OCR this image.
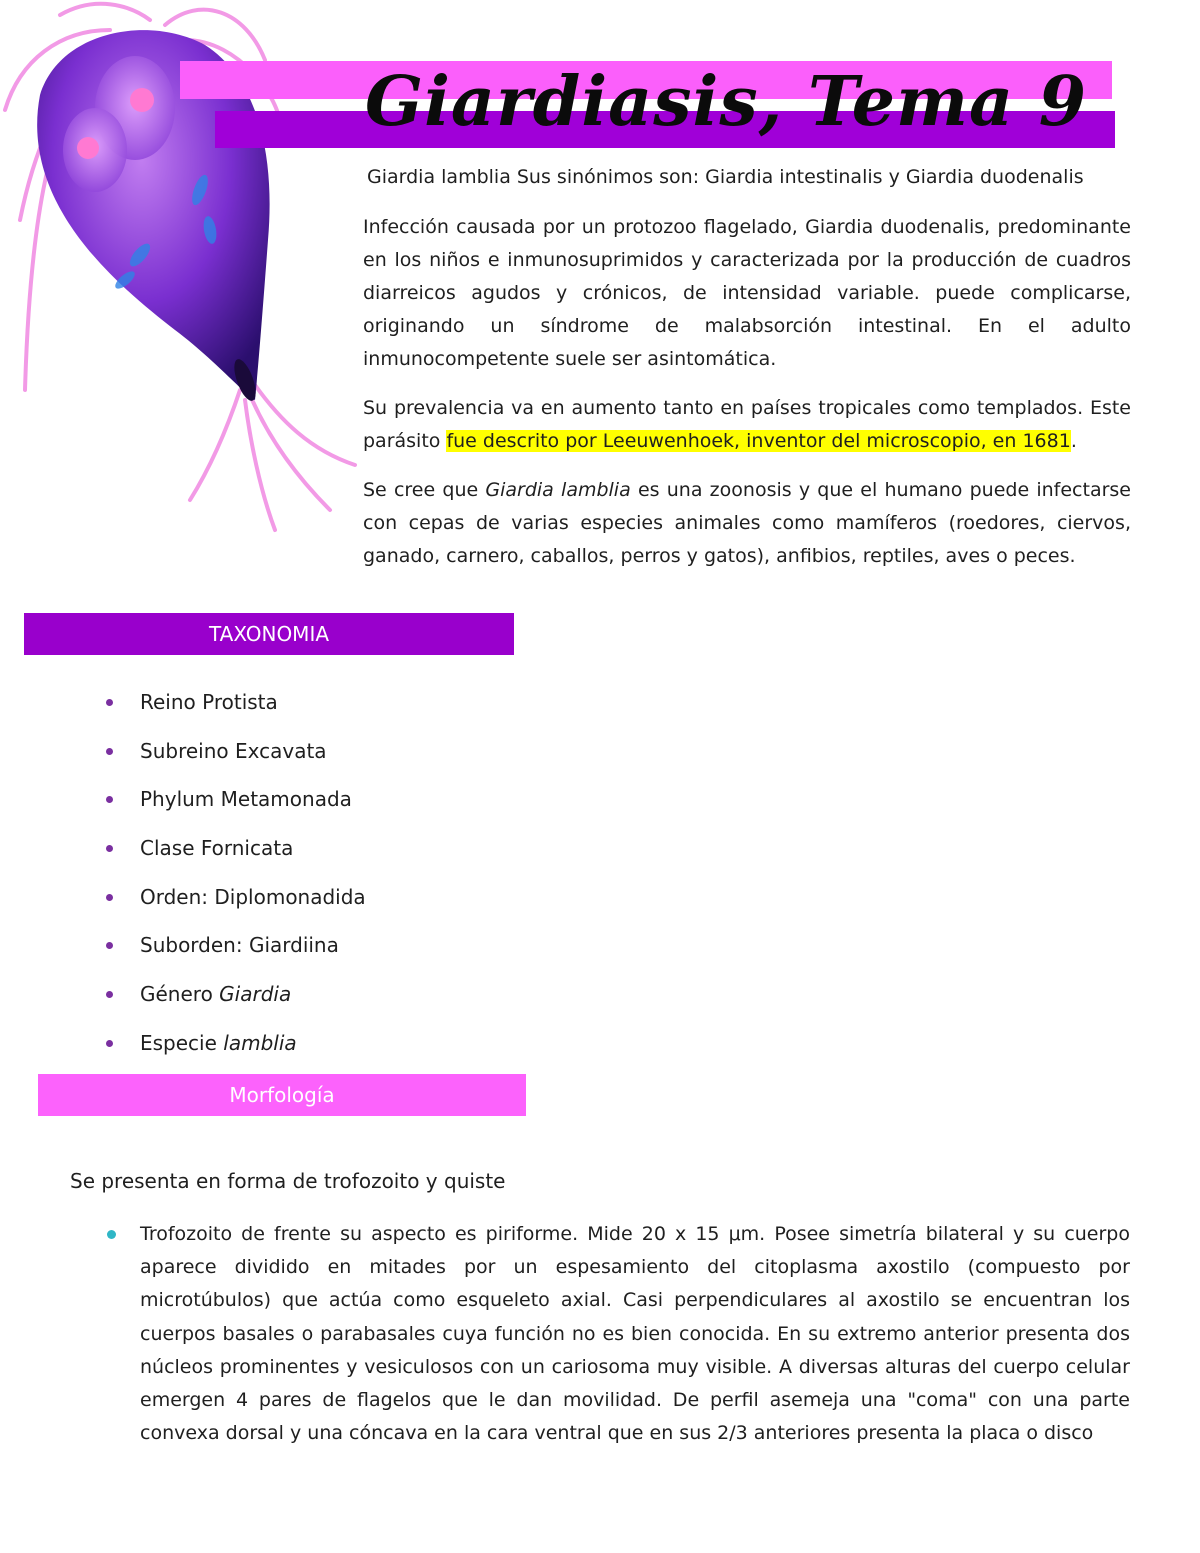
Giardiasis, Tema 9

Giardia lamblia Sus sinónimos son: Giardia intestinalis y Giardia duodenalis

Infección causada por un protozoo flagelado, Giardia duodenalis, predominante en los niños e inmunosuprimidos y caracterizada por la producción de cuadros diarreicos agudos y crónicos, de intensidad variable. puede complicarse, originando un síndrome de malabsorción intestinal. En el adulto inmunocompetente suele ser asintomática.

Su prevalencia va en aumento tanto en países tropicales como templados. Este parásito fue descrito por Leeuwenhoek, inventor del microscopio, en 1681.

Se cree que Giardia lamblia es una zoonosis y que el humano puede infectarse con cepas de varias especies animales como mamíferos (roedores, ciervos, ganado, carnero, caballos, perros y gatos), anfibios, reptiles, aves o peces.

TAXONOMIA
Reino Protista
Subreino Excavata
Phylum Metamonada
Clase Fornicata
Orden: Diplomonadida
Suborden: Giardiina
Género Giardia
Especie lamblia
Morfología

Se presenta en forma de trofozoito y quiste

Trofozoito de frente su aspecto es piriforme. Mide 20 x 15 μm. Posee simetría bilateral y su cuerpo aparece dividido en mitades por un espesamiento del citoplasma axostilo (compuesto por microtúbulos) que actúa como esqueleto axial. Casi perpendiculares al axostilo se encuentran los cuerpos basales o parabasales cuya función no es bien conocida. En su extremo anterior presenta dos núcleos prominentes y vesiculosos con un cariosoma muy visible. A diversas alturas del cuerpo celular emergen 4 pares de flagelos que le dan movilidad. De perfil asemeja una "coma" con una parte convexa dorsal y una cóncava en la cara ventral que en sus 2/3 anteriores presenta la placa o disco
